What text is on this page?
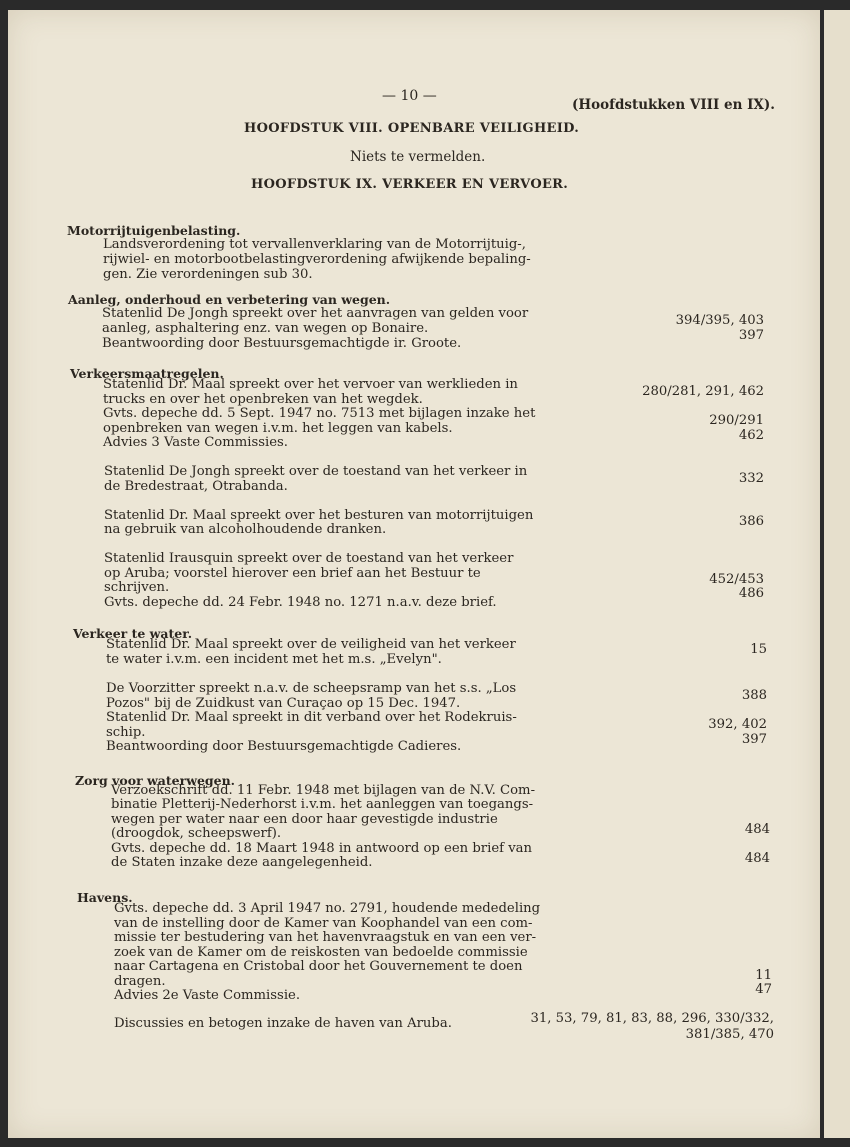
— 10 —
(Hoofdstukken VIII en IX).
HOOFDSTUK VIII. OPENBARE VEILIGHEID.
Niets te vermelden.
HOOFDSTUK IX. VERKEER EN VERVOER.
Motorrijtuigenbelasting.
Landsverordening tot vervallenverklaring van de Motorrijtuig-,
rijwiel- en motorbootbelastingverordening afwijkende bepaling-
gen. Zie verordeningen sub 30.
Aanleg, onderhoud en verbetering van wegen.
Statenlid De Jongh spreekt over het aanvragen van gelden voor
aanleg, asphaltering enz. van wegen op Bonaire.
Beantwoording door Bestuursgemachtigde ir. Groote.
394/395, 403
397
Verkeersmaatregelen.
Statenlid Dr. Maal spreekt over het vervoer van werklieden in
trucks en over het openbreken van het wegdek.
Gvts. depeche dd. 5 Sept. 1947 no. 7513 met bijlagen inzake het
openbreken van wegen i.v.m. het leggen van kabels.
Advies 3 Vaste Commissies.
Statenlid De Jongh spreekt over de toestand van het verkeer in
de Bredestraat, Otrabanda.
Statenlid Dr. Maal spreekt over het besturen van motorrijtuigen
na gebruik van alcoholhoudende dranken.
Statenlid Irausquin spreekt over de toestand van het verkeer
op Aruba; voorstel hierover een brief aan het Bestuur te
schrijven.
Gvts. depeche dd. 24 Febr. 1948 no. 1271 n.a.v. deze brief.
280/281, 291, 462
290/291
462
332
386
452/453
486
Verkeer te water.
Statenlid Dr. Maal spreekt over de veiligheid van het verkeer
te water i.v.m. een incident met het m.s. „Evelyn".
De Voorzitter spreekt n.a.v. de scheepsramp van het s.s. „Los
Pozos" bij de Zuidkust van Curaçao op 15 Dec. 1947.
Statenlid Dr. Maal spreekt in dit verband over het Rodekruis-
schip.
Beantwoording door Bestuursgemachtigde Cadieres.
15
388
392, 402
397
Zorg voor waterwegen.
Verzoekschrift dd. 11 Febr. 1948 met bijlagen van de N.V. Com-
binatie Pletterij-Nederhorst i.v.m. het aanleggen van toegangs-
wegen per water naar een door haar gevestigde industrie
(droogdok, scheepswerf).
Gvts. depeche dd. 18 Maart 1948 in antwoord op een brief van
de Staten inzake deze aangelegenheid.
484
484
Havens.
Gvts. depeche dd. 3 April 1947 no. 2791, houdende mededeling
van de instelling door de Kamer van Koophandel van een com-
missie ter bestudering van het havenvraagstuk en van een ver-
zoek van de Kamer om de reiskosten van bedoelde commissie
naar Cartagena en Cristobal door het Gouvernement te doen
dragen.
Advies 2e Vaste Commissie.
Discussies en betogen inzake de haven van Aruba.
11
47
31, 53, 79, 81, 83, 88, 296, 330/332,
381/385, 470
